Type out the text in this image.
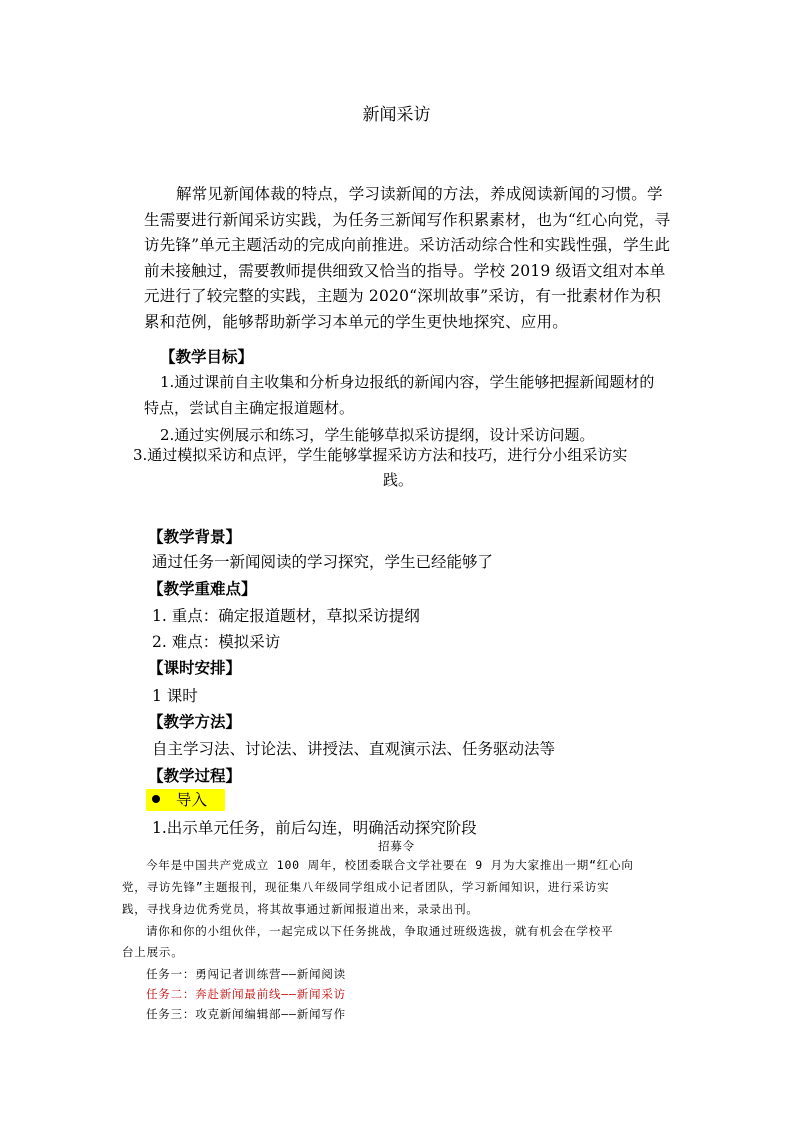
新闻采访
解常见新闻体裁的特点，学习读新闻的方法，养成阅读新闻的习惯。学生需要进行新闻采访实践，为任务三新闻写作积累素材，也为“红心向党，寻访先锋”单元主题活动的完成向前推进。采访活动综合性和实践性强，学生此前未接触过，需要教师提供细致又恰当的指导。学校 2019 级语文组对本单元进行了较完整的实践，主题为 2020“深圳故事”采访，有一批素材作为积累和范例，能够帮助新学习本单元的学生更快地探究、应用。
【教学目标】
1.通过课前自主收集和分析身边报纸的新闻内容，学生能够把握新闻题材的
特点，尝试自主确定报道题材。
2.通过实例展示和练习，学生能够草拟采访提纲，设计采访问题。
3.通过模拟采访和点评，学生能够掌握采访方法和技巧，进行分小组采访实
践。
【教学背景】
通过任务一新闻阅读的学习探究，学生已经能够了
【教学重难点】
1. 重点：确定报道题材，草拟采访提纲
2. 难点：模拟采访
【课时安排】
1 课时
【教学方法】
自主学习法、讨论法、讲授法、直观演示法、任务驱动法等
【教学过程】
导入
1.出示单元任务，前后勾连，明确活动探究阶段
招募令
今年是中国共产党成立 100 周年，校团委联合文学社要在 9 月为大家推出一期“红心向
党，寻访先锋”主题报刊，现征集八年级同学组成小记者团队，学习新闻知识，进行采访实
践，寻找身边优秀党员，将其故事通过新闻报道出来，录录出刊。
请你和你的小组伙伴，一起完成以下任务挑战，争取通过班级选拔，就有机会在学校平
台上展示。
任务一：勇闯记者训练营——新闻阅读
任务二：奔赴新闻最前线——新闻采访
任务三：攻克新闻编辑部——新闻写作
